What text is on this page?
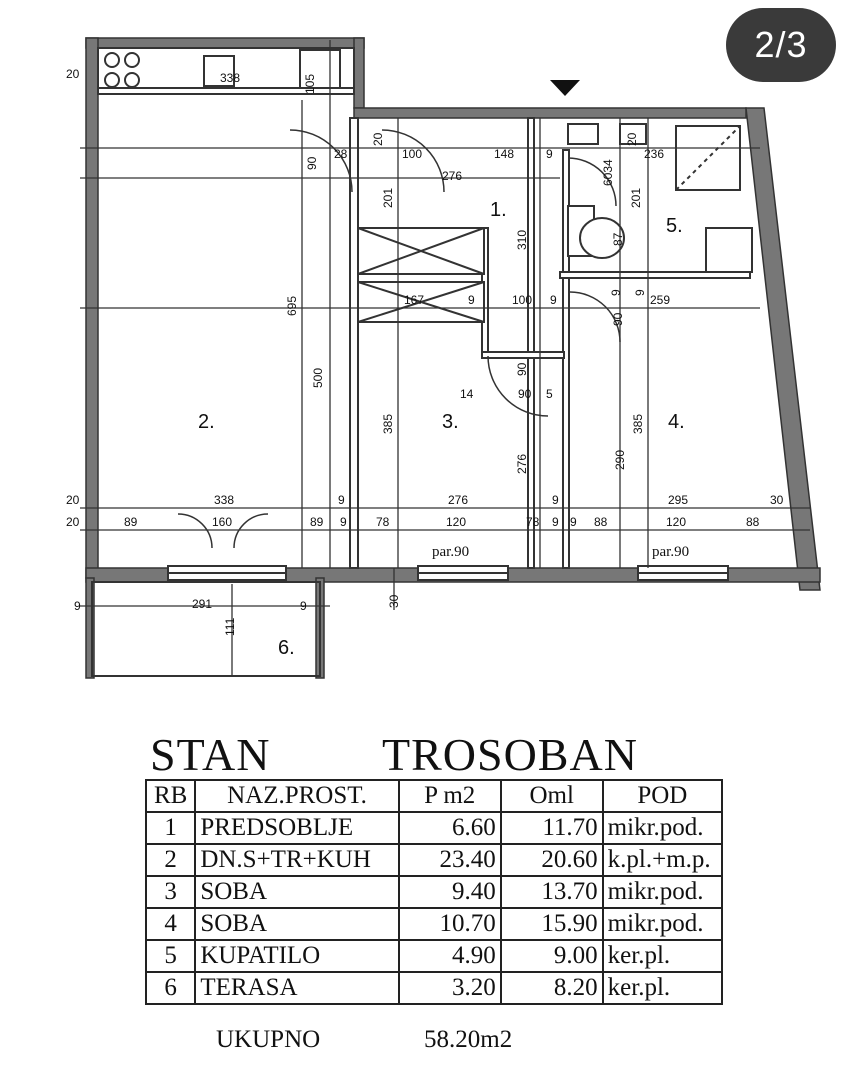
1.
2.	3.	4.
5.
6.
par.90	par.90
20	338	105
20
28	100	148	9
20
6034
236
90
276
201
310
201
87
695
500
167	9	100 9
9 9
259
90
90
14	90 5
385	385
276	290
20	338	9	276	9	295	30
20	89	160	89 9 78	120	78 9	88	120	88
9
9	291	9	30
111
2/3
STAN TROSOBAN
RB	NAZ.PROST.	P m2	Oml	POD
1	PREDSOBLJE	6.60	11.70	mikr.pod.
2	DN.S+TR+KUH	23.40	20.60	k.pl.+m.p.
3	SOBA	9.40	13.70	mikr.pod.
4	SOBA	10.70	15.90	mikr.pod.
5	KUPATILO	4.90	9.00	ker.pl.
6	TERASA	3.20	8.20	ker.pl.
UKUPNO	58.20m2
